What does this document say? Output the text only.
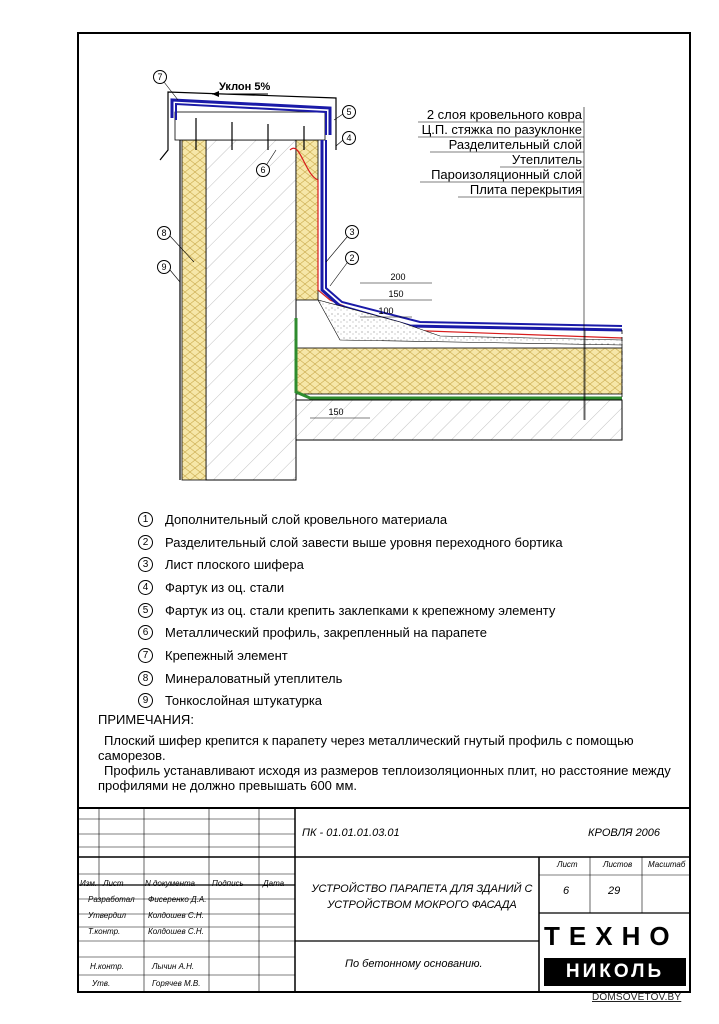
Уклон 5%
7
6
5
4
8
9
3
2
200
150
100
150
2 слоя кровельного ковра
Ц.П. стяжка по разуклонке
Разделительный слой
Утеплитель
Пароизоляционный слой
Плита перекрытия
1	Дополнительный слой кровельного материала
2	Разделительный слой завести выше уровня переходного бортика
3	Лист плоского шифера
4	Фартук из оц. стали
5	Фартук из оц. стали крепить заклепками к крепежному элементу
6	Металлический профиль, закрепленный на парапете
7	Крепежный элемент
8	Минераловатный утеплитель
9	Тонкослойная штукатурка
ПРИМЕЧАНИЯ:
Плоский шифер крепится к парапету через металлический гнутый профиль с помощью саморезов.
Профиль устанавливают исходя из размеров теплоизоляционных плит, но расстояние между профилями не должно превышать 600 мм.
ПК - 01.01.01.03.01	КРОВЛЯ 2006
Изм. Лист	N документа Подпись Дата
Разработал Фисеренко Д.А.
Утвердил	Колдошев С.Н.
Т.контр.	Колдошев С.Н.
Н.контр.	Лычин А.Н.
Утв.	Горячев М.В.
УСТРОЙСТВО ПАРАПЕТА ДЛЯ ЗДАНИЙ С УСТРОЙСТВОМ МОКРОГО ФАСАДА
По бетонному основанию.
Лист	Листов Масштаб
6	29
ТЕХНО
НИКОЛЬ
DOMSOVETOV.BY
